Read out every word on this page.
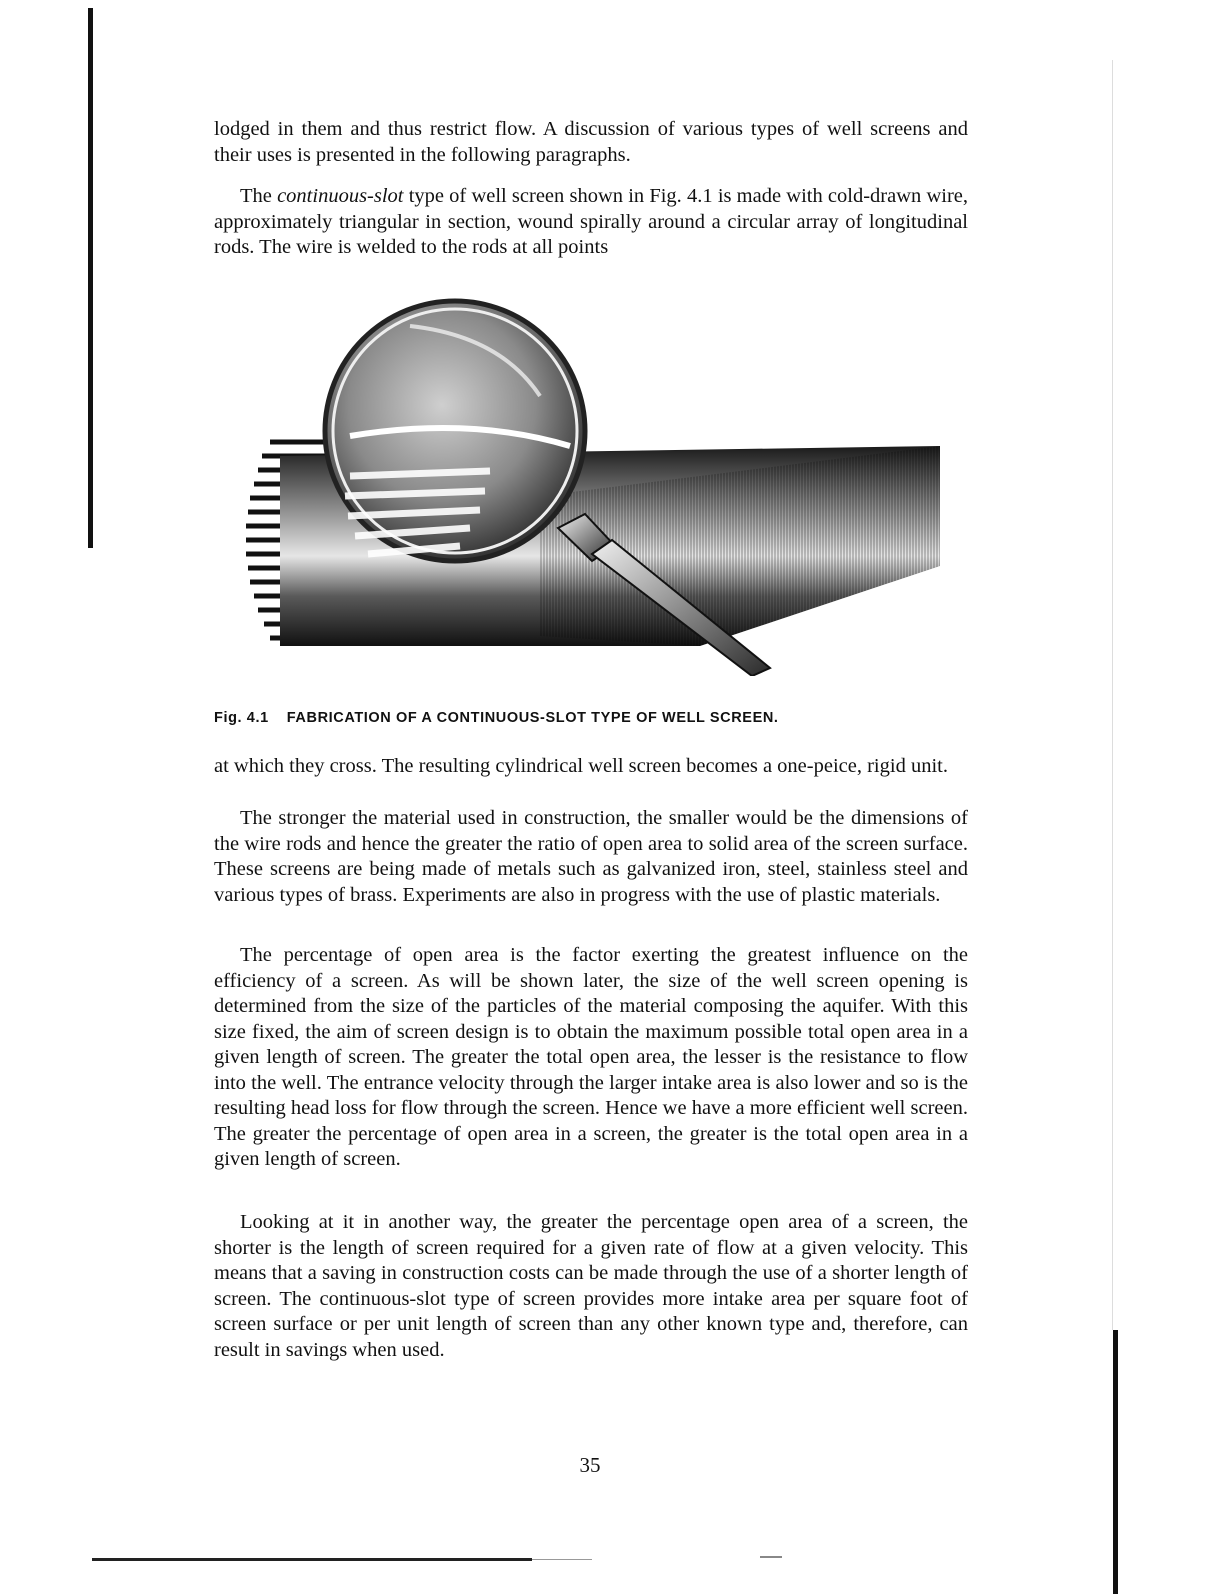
lodged in them and thus restrict flow. A discussion of various types of well screens and their uses is presented in the following paragraphs.

The continuous-slot type of well screen shown in Fig. 4.1 is made with cold-drawn wire, approximately triangular in section, wound spirally around a circular array of longitudinal rods. The wire is welded to the rods at all points

Fig. 4.1 FABRICATION OF A CONTINUOUS-SLOT TYPE OF WELL SCREEN.

at which they cross. The resulting cylindrical well screen becomes a one-peice, rigid unit.

The stronger the material used in construction, the smaller would be the dimensions of the wire rods and hence the greater the ratio of open area to solid area of the screen surface. These screens are being made of metals such as galvanized iron, steel, stainless steel and various types of brass. Experiments are also in progress with the use of plastic materials.

The percentage of open area is the factor exerting the greatest influence on the efficiency of a screen. As will be shown later, the size of the well screen opening is determined from the size of the particles of the material composing the aquifer. With this size fixed, the aim of screen design is to obtain the maximum possible total open area in a given length of screen. The greater the total open area, the lesser is the resistance to flow into the well. The entrance velocity through the larger intake area is also lower and so is the resulting head loss for flow through the screen. Hence we have a more efficient well screen. The greater the percentage of open area in a screen, the greater is the total open area in a given length of screen.

Looking at it in another way, the greater the percentage open area of a screen, the shorter is the length of screen required for a given rate of flow at a given velocity. This means that a saving in construction costs can be made through the use of a shorter length of screen. The continuous-slot type of screen provides more intake area per square foot of screen surface or per unit length of screen than any other known type and, therefore, can result in savings when used.

35
